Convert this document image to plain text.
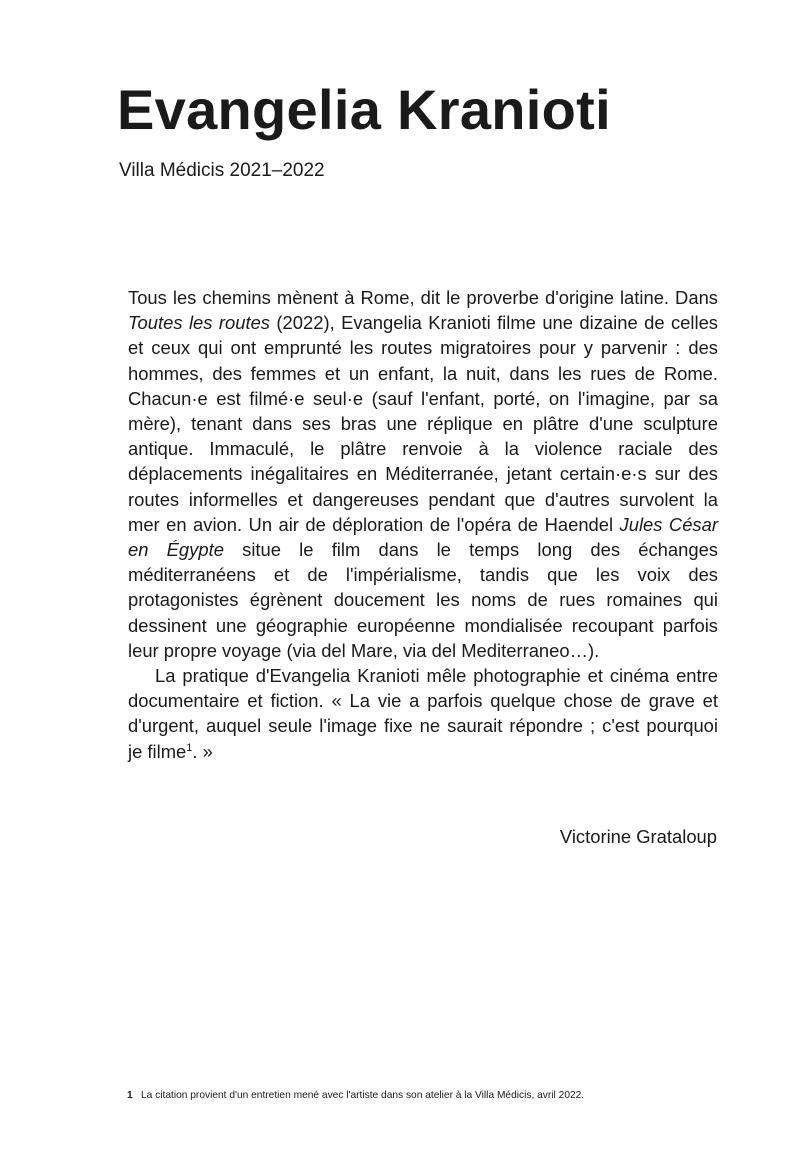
Evangelia Kranioti
Villa Médicis 2021–2022

Tous les chemins mènent à Rome, dit le proverbe d'origine latine. Dans Toutes les routes (2022), Evangelia Kranioti filme une dizaine de celles et ceux qui ont emprunté les routes migratoires pour y parvenir : des hommes, des femmes et un enfant, la nuit, dans les rues de Rome. Chacun·e est filmé·e seul·e (sauf l'enfant, porté, on l'imagine, par sa mère), tenant dans ses bras une réplique en plâtre d'une sculpture antique. Immaculé, le plâtre renvoie à la violence raciale des déplacements inégalitaires en Méditerranée, jetant certain·e·s sur des routes informelles et dangereuses pendant que d'autres survolent la mer en avion. Un air de déploration de l'opéra de Haendel Jules César en Égypte situe le film dans le temps long des échanges méditerranéens et de l'impérialisme, tandis que les voix des protagonistes égrènent doucement les noms de rues romaines qui dessinent une géographie européenne mondialisée recoupant parfois leur propre voyage (via del Mare, via del Mediterraneo…).

La pratique d'Evangelia Kranioti mêle photographie et cinéma entre documentaire et fiction. « La vie a parfois quelque chose de grave et d'urgent, auquel seule l'image fixe ne saurait répondre ; c'est pourquoi je filme$^1$. »

Victorine Grataloup
1 La citation provient d'un entretien mené avec l'artiste dans son atelier à la Villa Médicis, avril 2022.
